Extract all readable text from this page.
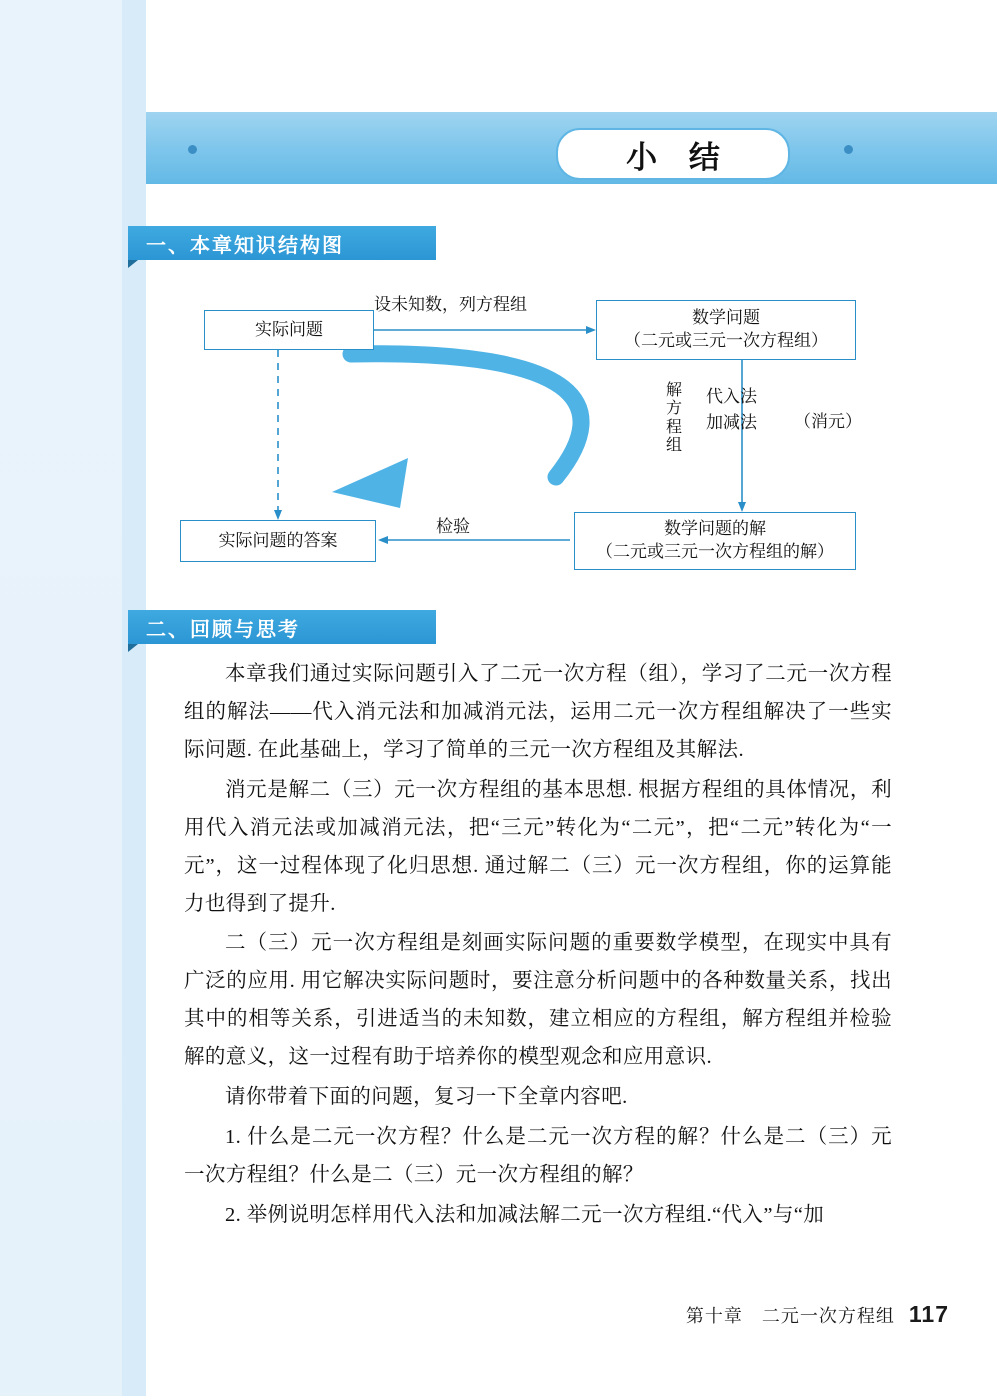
小 结
一、本章知识结构图
实际问题
数学问题
（二元或三元一次方程组）
实际问题的答案
数学问题的解
（二元或三元一次方程组的解）
设未知数，列方程组
检验
解方程组
代入法
加减法 （消元）
二、回顾与思考

本章我们通过实际问题引入了二元一次方程（组），学习了二元一次方程组的解法——代入消元法和加减消元法，运用二元一次方程组解决了一些实际问题. 在此基础上，学习了简单的三元一次方程组及其解法.

消元是解二（三）元一次方程组的基本思想. 根据方程组的具体情况，利用代入消元法或加减消元法，把“三元”转化为“二元”，把“二元”转化为“一元”，这一过程体现了化归思想. 通过解二（三）元一次方程组，你的运算能力也得到了提升.

二（三）元一次方程组是刻画实际问题的重要数学模型，在现实中具有广泛的应用. 用它解决实际问题时，要注意分析问题中的各种数量关系，找出其中的相等关系，引进适当的未知数，建立相应的方程组，解方程组并检验解的意义，这一过程有助于培养你的模型观念和应用意识.

请你带着下面的问题，复习一下全章内容吧.

1. 什么是二元一次方程？什么是二元一次方程的解？什么是二（三）元一次方程组？什么是二（三）元一次方程组的解？

2. 举例说明怎样用代入法和加减法解二元一次方程组.“代入”与“加

第十章　二元一次方程组 117
